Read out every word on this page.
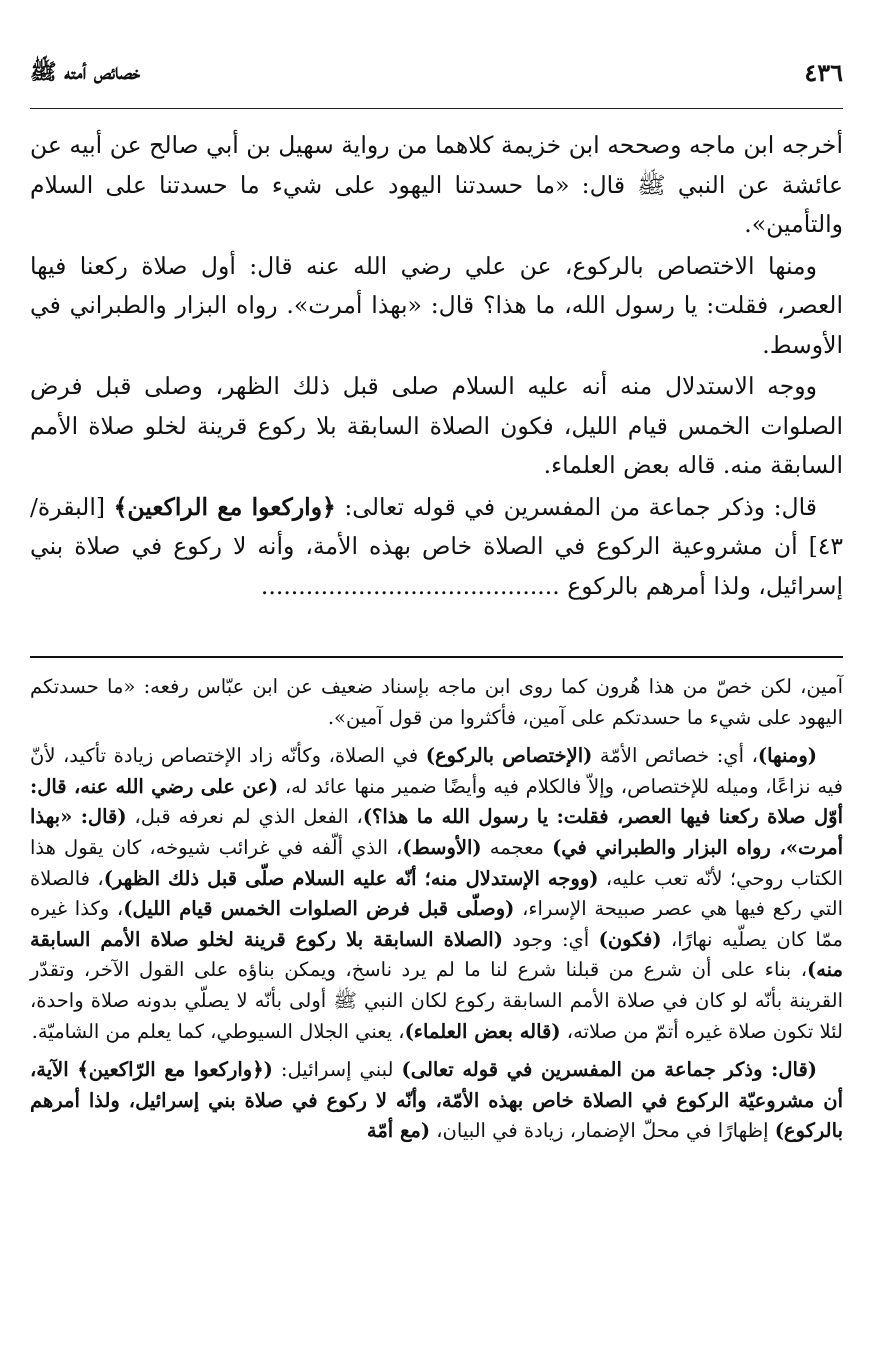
٤٣٦
خصائص أمته ﷺ

أخرجه ابن ماجه وصححه ابن خزيمة كلاهما من رواية سهيل بن أبي صالح عن أبيه عن عائشة عن النبي ﷺ قال: «ما حسدتنا اليهود على شيء ما حسدتنا على السلام والتأمين».

ومنها الاختصاص بالركوع، عن علي رضي الله عنه قال: أول صلاة ركعنا فيها العصر، فقلت: يا رسول الله، ما هذا؟ قال: «بهذا أمرت». رواه البزار والطبراني في الأوسط.

ووجه الاستدلال منه أنه عليه السلام صلى قبل ذلك الظهر، وصلى قبل فرض الصلوات الخمس قيام الليل، فكون الصلاة السابقة بلا ركوع قرينة لخلو صلاة الأمم السابقة منه. قاله بعض العلماء.

قال: وذكر جماعة من المفسرين في قوله تعالى: ﴿واركعوا مع الراكعين﴾ [البقرة/٤٣] أن مشروعية الركوع في الصلاة خاص بهذه الأمة، وأنه لا ركوع في صلاة بني إسرائيل، ولذا أمرهم بالركوع ........................................

آمين، لكن خصّ من هذا هُرون كما روى ابن ماجه بإسناد ضعيف عن ابن عبّاس رفعه: «ما حسدتكم اليهود على شيء ما حسدتكم على آمين، فأكثروا من قول آمين».

(ومنها)، أي: خصائص الأمّة (الإختصاص بالركوع) في الصلاة، وكأنّه زاد الإختصاص زيادة تأكيد، لأنّ فيه نزاعًا، وميله للإختصاص، وإلاّ فالكلام فيه وأيضًا ضمير منها عائد له، (عن على رضي الله عنه، قال: أوّل صلاة ركعنا فيها العصر، فقلت: يا رسول الله ما هذا؟)، الفعل الذي لم نعرفه قبل، (قال: «بهذا أمرت»، رواه البزار والطبراني في) معجمه (الأوسط)، الذي ألّفه في غرائب شيوخه، كان يقول هذا الكتاب روحي؛ لأنّه تعب عليه، (ووجه الإستدلال منه؛ أنّه عليه السلام صلّى قبل ذلك الظهر)، فالصلاة التي ركع فيها هي عصر صبيحة الإسراء، (وصلّى قبل فرض الصلوات الخمس قيام الليل)، وكذا غيره ممّا كان يصلّيه نهارًا، (فكون) أي: وجود (الصلاة السابقة بلا ركوع قرينة لخلو صلاة الأمم السابقة منه)، بناء على أن شرع من قبلنا شرع لنا ما لم يرد ناسخ، ويمكن بناؤه على القول الآخر، وتقدّر القرينة بأنّه لو كان في صلاة الأمم السابقة ركوع لكان النبي ﷺ أولى بأنّه لا يصلّي بدونه صلاة واحدة، لئلا تكون صلاة غيره أتمّ من صلاته، (قاله بعض العلماء)، يعني الجلال السيوطي، كما يعلم من الشاميّة.

(قال: وذكر جماعة من المفسرين في قوله تعالى) لبني إسرائيل: (﴿واركعوا مع الرّاكعين﴾ الآية، أن مشروعيّة الركوع في الصلاة خاص بهذه الأمّة، وأنّه لا ركوع في صلاة بني إسرائيل، ولذا أمرهم بالركوع) إظهارًا في محلّ الإضمار، زيادة في البيان، (مع أمّة
